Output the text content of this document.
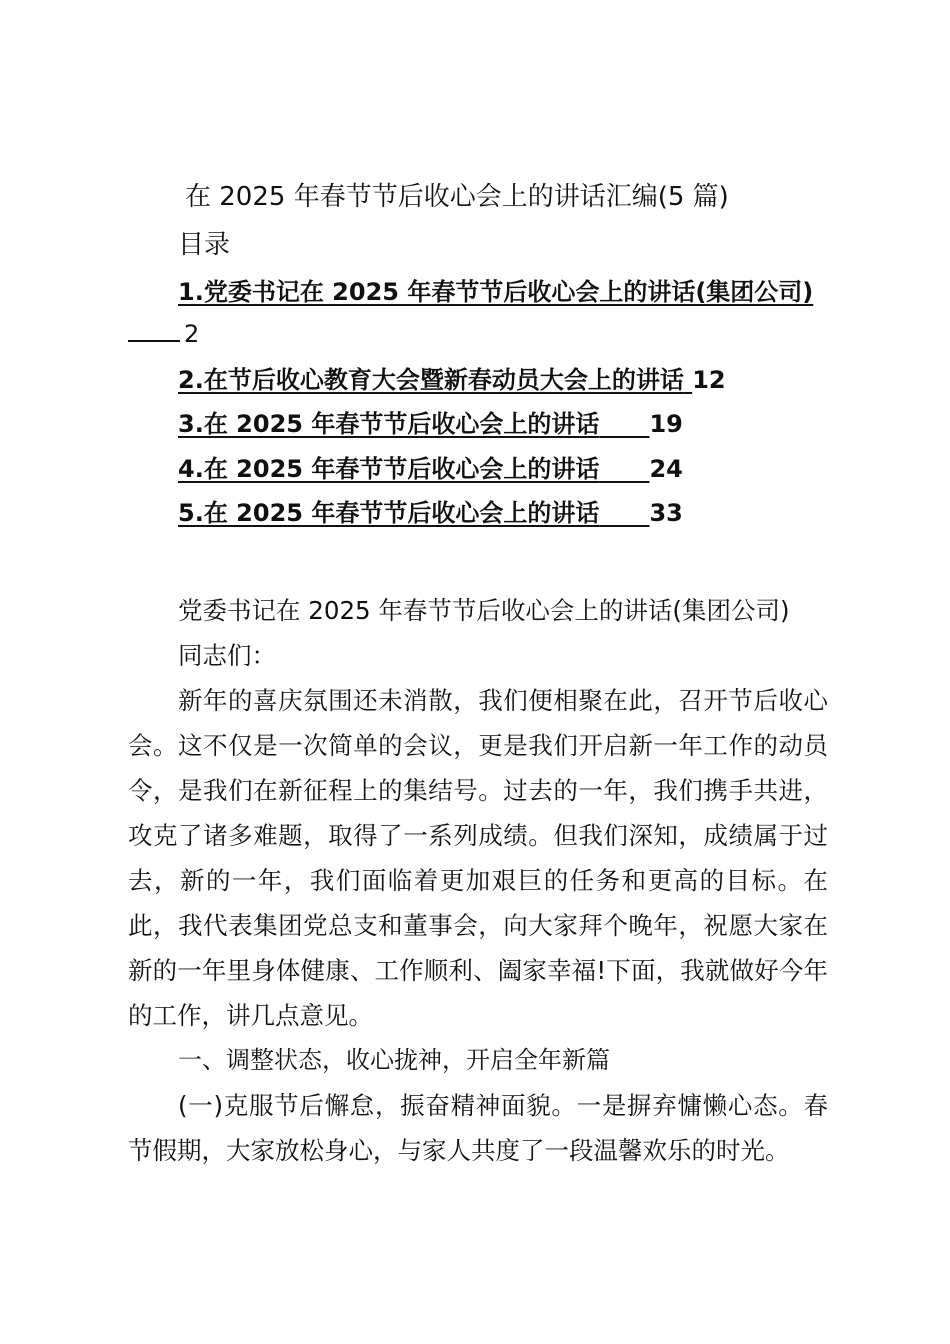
在 2025 年春节节后收心会上的讲话汇编(5 篇)
目录
1.党委书记在 2025 年春节节后收心会上的讲话(集团公司)
2
2.在节后收心教育大会暨新春动员大会上的讲话 12
3.在 2025 年春节节后收心会上的讲话 19
4.在 2025 年春节节后收心会上的讲话 24
5.在 2025 年春节节后收心会上的讲话 33

党委书记在 2025 年春节节后收心会上的讲话(集团公司)

同志们：

新年的喜庆氛围还未消散，我们便相聚在此，召开节后收心会。这不仅是一次简单的会议，更是我们开启新一年工作的动员令，是我们在新征程上的集结号。过去的一年，我们携手共进，攻克了诸多难题，取得了一系列成绩。但我们深知，成绩属于过去，新的一年，我们面临着更加艰巨的任务和更高的目标。在此，我代表集团党总支和董事会，向大家拜个晚年，祝愿大家在新的一年里身体健康、工作顺利、阖家幸福!下面，我就做好今年的工作，讲几点意见。

一、调整状态，收心拢神，开启全年新篇

(一)克服节后懈怠，振奋精神面貌。一是摒弃慵懒心态。春节假期，大家放松身心，与家人共度了一段温馨欢乐的时光。
